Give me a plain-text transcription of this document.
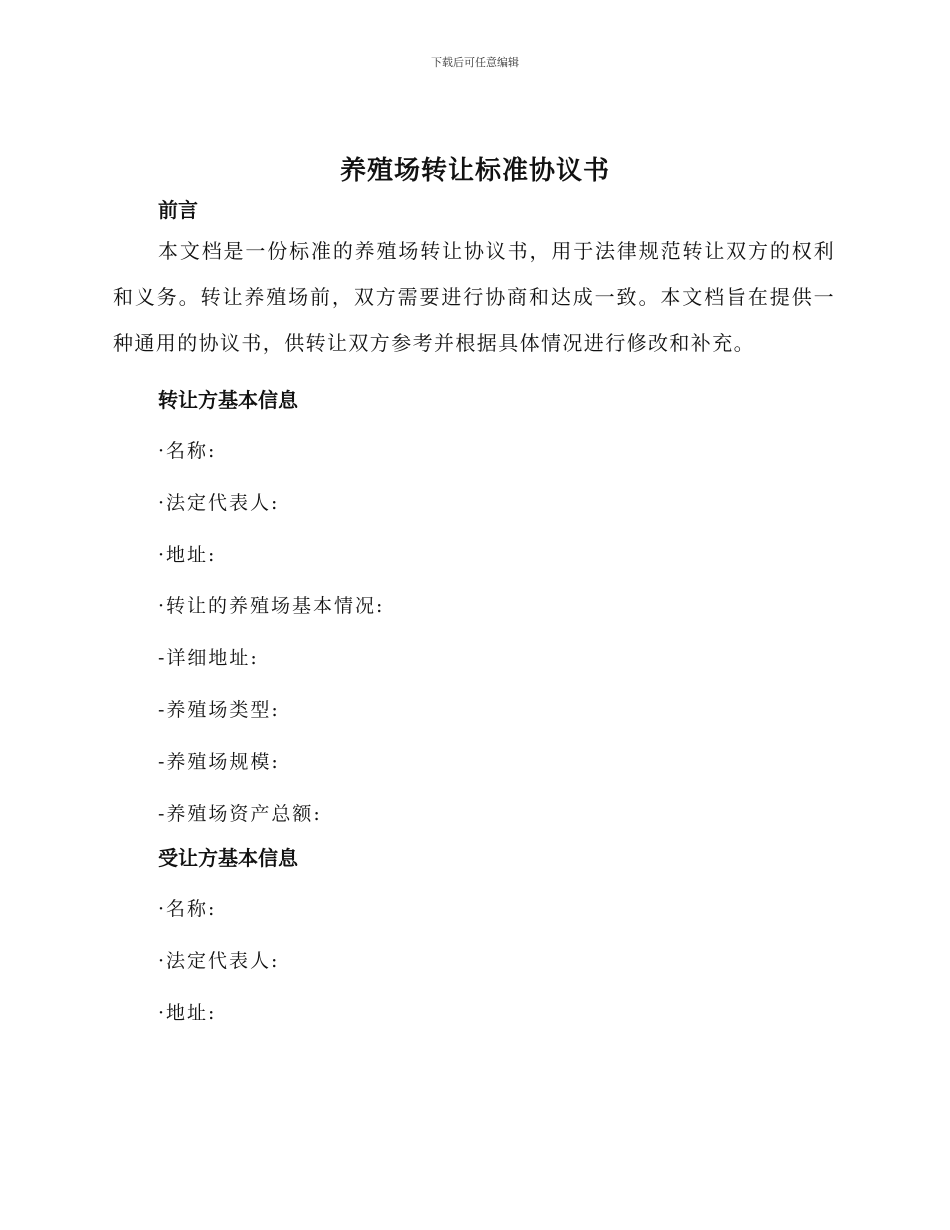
下载后可任意编辑
养殖场转让标准协议书
前言

本文档是一份标准的养殖场转让协议书，用于法律规范转让双方的权利和义务。转让养殖场前，双方需要进行协商和达成一致。本文档旨在提供一种通用的协议书，供转让双方参考并根据具体情况进行修改和补充。

转让方基本信息

·名称:

·法定代表人:

·地址:

·转让的养殖场基本情况:

-详细地址:

-养殖场类型:

-养殖场规模:

-养殖场资产总额:

受让方基本信息

·名称:

·法定代表人:

·地址:
